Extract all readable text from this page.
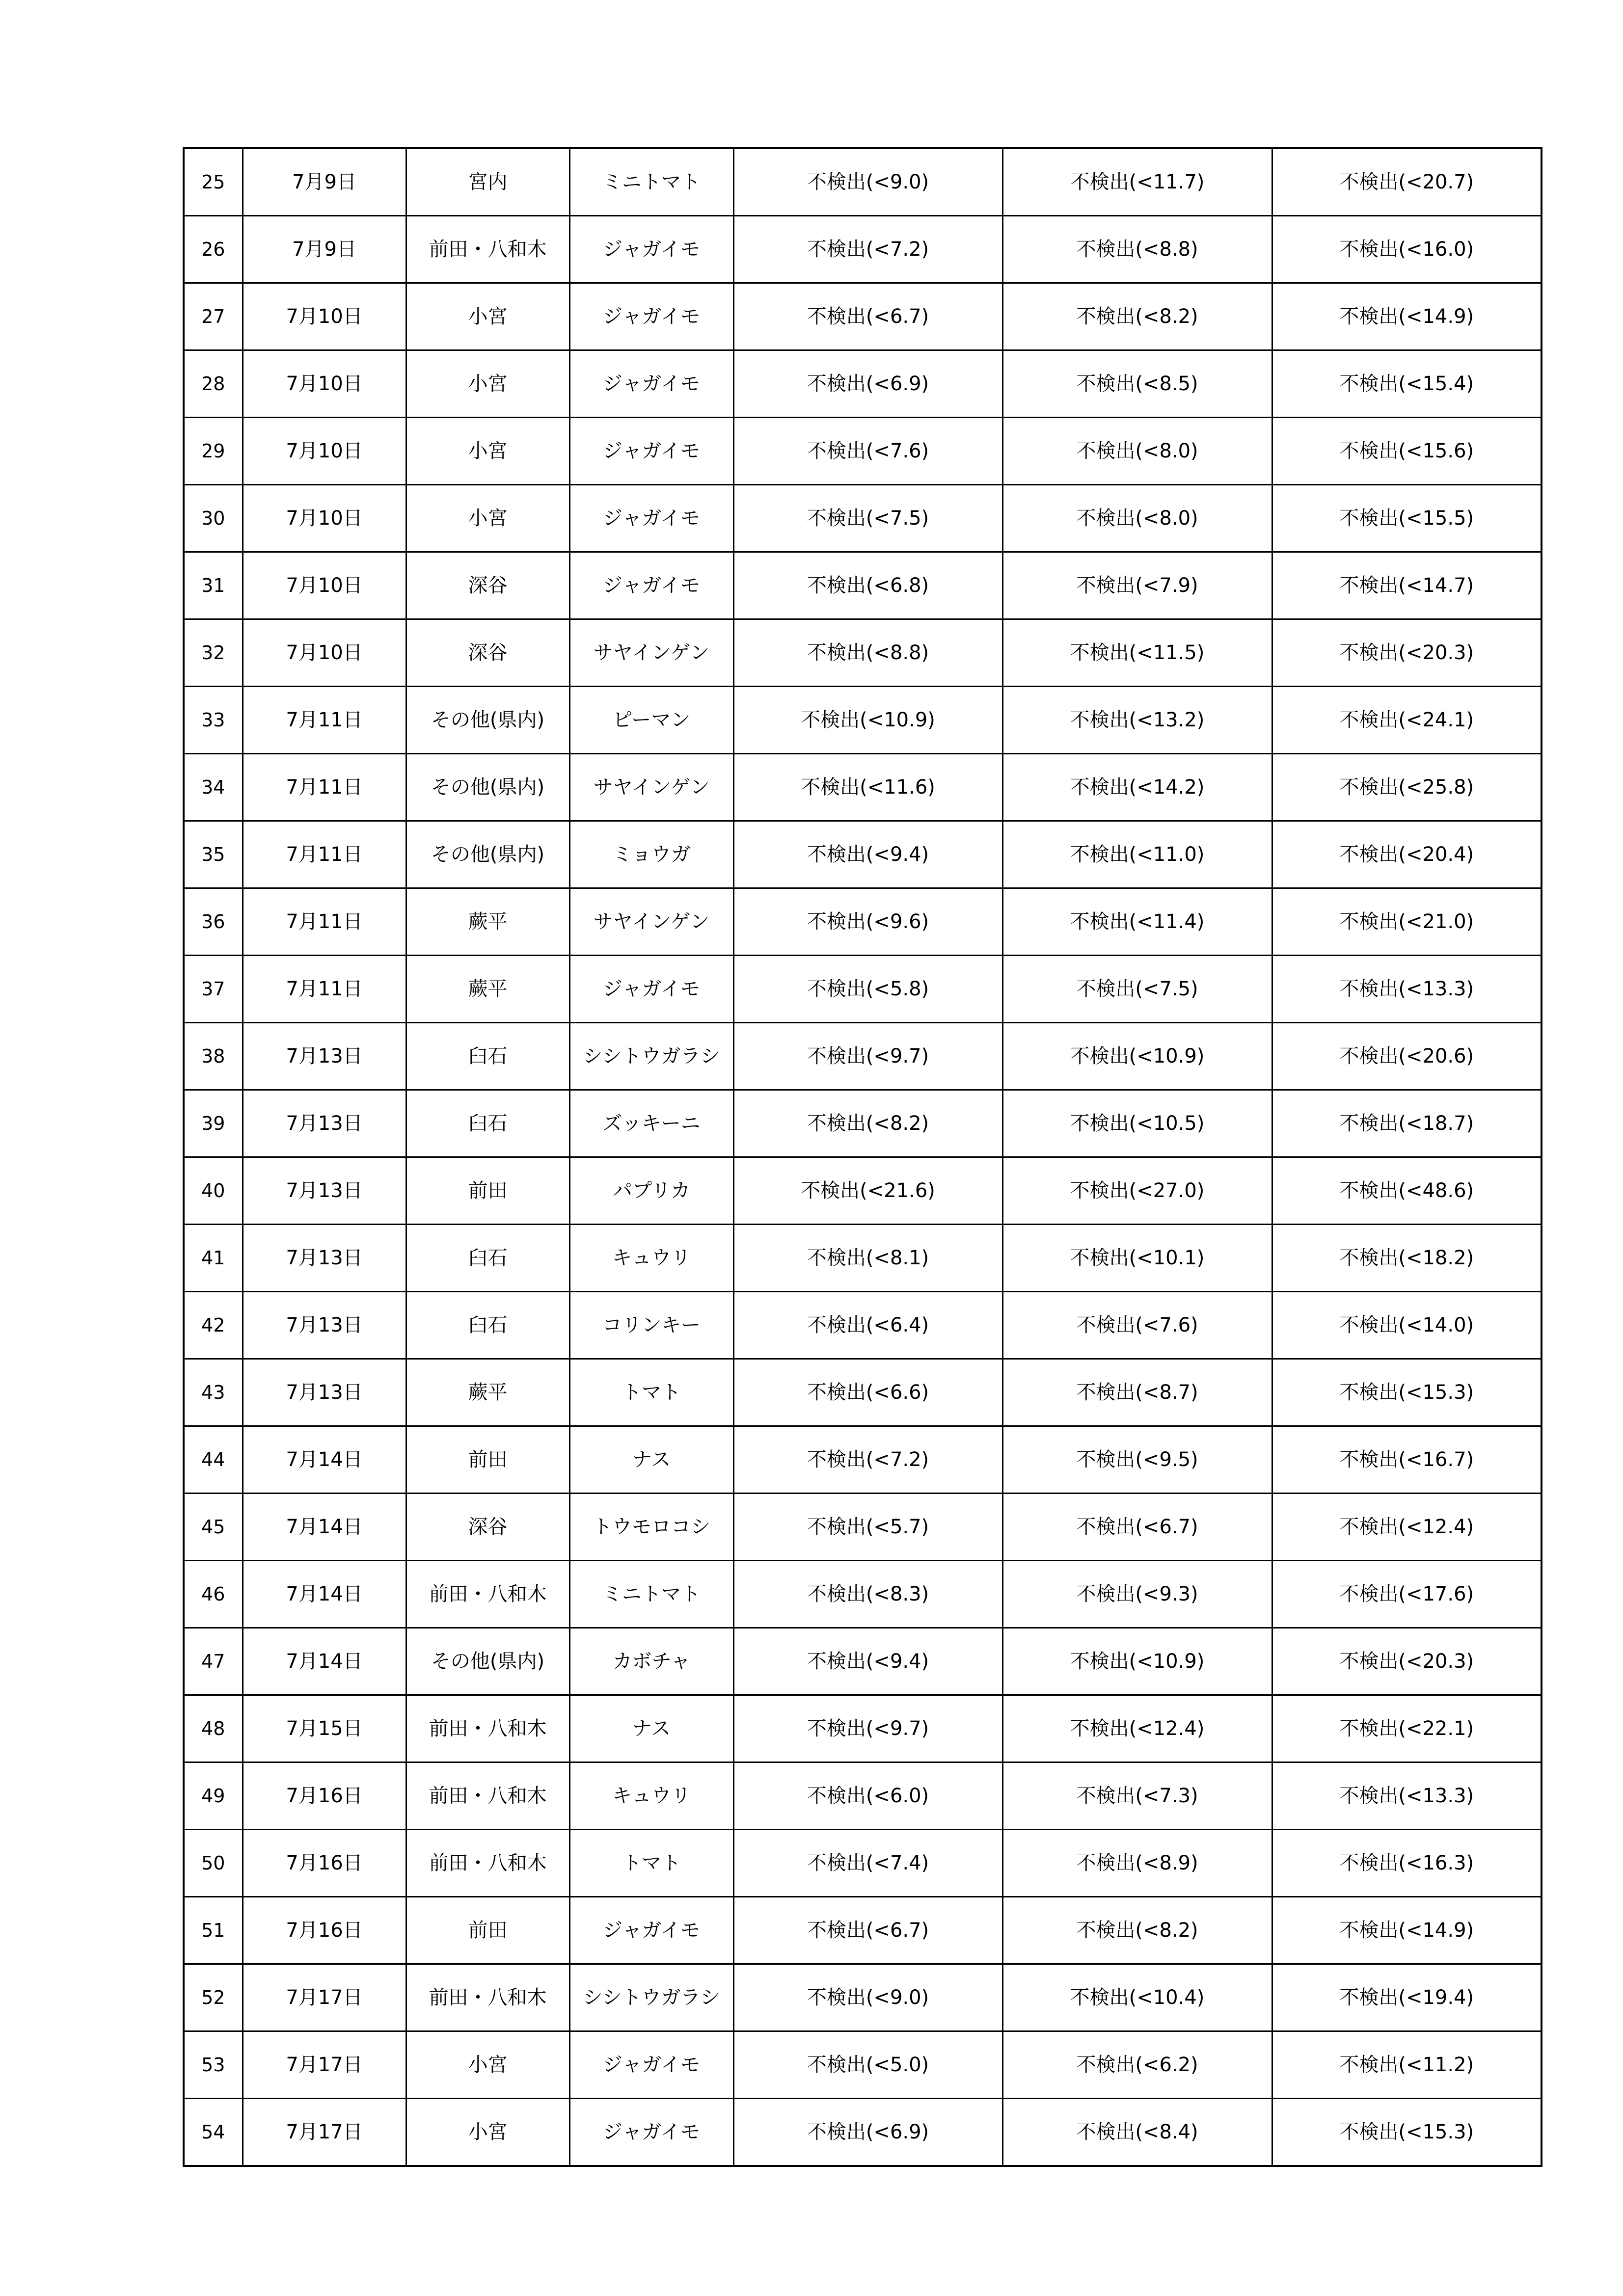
25	7月9日	宮内	ミニトマト	不検出(<9.0)	不検出(<11.7)	不検出(<20.7)
26	7月9日	前田・八和木	ジャガイモ	不検出(<7.2)	不検出(<8.8)	不検出(<16.0)
27	7月10日	小宮	ジャガイモ	不検出(<6.7)	不検出(<8.2)	不検出(<14.9)
28	7月10日	小宮	ジャガイモ	不検出(<6.9)	不検出(<8.5)	不検出(<15.4)
29	7月10日	小宮	ジャガイモ	不検出(<7.6)	不検出(<8.0)	不検出(<15.6)
30	7月10日	小宮	ジャガイモ	不検出(<7.5)	不検出(<8.0)	不検出(<15.5)
31	7月10日	深谷	ジャガイモ	不検出(<6.8)	不検出(<7.9)	不検出(<14.7)
32	7月10日	深谷	サヤインゲン	不検出(<8.8)	不検出(<11.5)	不検出(<20.3)
33	7月11日	その他(県内)	ピーマン	不検出(<10.9)	不検出(<13.2)	不検出(<24.1)
34	7月11日	その他(県内)	サヤインゲン	不検出(<11.6)	不検出(<14.2)	不検出(<25.8)
35	7月11日	その他(県内)	ミョウガ	不検出(<9.4)	不検出(<11.0)	不検出(<20.4)
36	7月11日	蕨平	サヤインゲン	不検出(<9.6)	不検出(<11.4)	不検出(<21.0)
37	7月11日	蕨平	ジャガイモ	不検出(<5.8)	不検出(<7.5)	不検出(<13.3)
38	7月13日	臼石	シシトウガラシ	不検出(<9.7)	不検出(<10.9)	不検出(<20.6)
39	7月13日	臼石	ズッキーニ	不検出(<8.2)	不検出(<10.5)	不検出(<18.7)
40	7月13日	前田	パプリカ	不検出(<21.6)	不検出(<27.0)	不検出(<48.6)
41	7月13日	臼石	キュウリ	不検出(<8.1)	不検出(<10.1)	不検出(<18.2)
42	7月13日	臼石	コリンキー	不検出(<6.4)	不検出(<7.6)	不検出(<14.0)
43	7月13日	蕨平	トマト	不検出(<6.6)	不検出(<8.7)	不検出(<15.3)
44	7月14日	前田	ナス	不検出(<7.2)	不検出(<9.5)	不検出(<16.7)
45	7月14日	深谷	トウモロコシ	不検出(<5.7)	不検出(<6.7)	不検出(<12.4)
46	7月14日	前田・八和木	ミニトマト	不検出(<8.3)	不検出(<9.3)	不検出(<17.6)
47	7月14日	その他(県内)	カボチャ	不検出(<9.4)	不検出(<10.9)	不検出(<20.3)
48	7月15日	前田・八和木	ナス	不検出(<9.7)	不検出(<12.4)	不検出(<22.1)
49	7月16日	前田・八和木	キュウリ	不検出(<6.0)	不検出(<7.3)	不検出(<13.3)
50	7月16日	前田・八和木	トマト	不検出(<7.4)	不検出(<8.9)	不検出(<16.3)
51	7月16日	前田	ジャガイモ	不検出(<6.7)	不検出(<8.2)	不検出(<14.9)
52	7月17日	前田・八和木	シシトウガラシ	不検出(<9.0)	不検出(<10.4)	不検出(<19.4)
53	7月17日	小宮	ジャガイモ	不検出(<5.0)	不検出(<6.2)	不検出(<11.2)
54	7月17日	小宮	ジャガイモ	不検出(<6.9)	不検出(<8.4)	不検出(<15.3)
